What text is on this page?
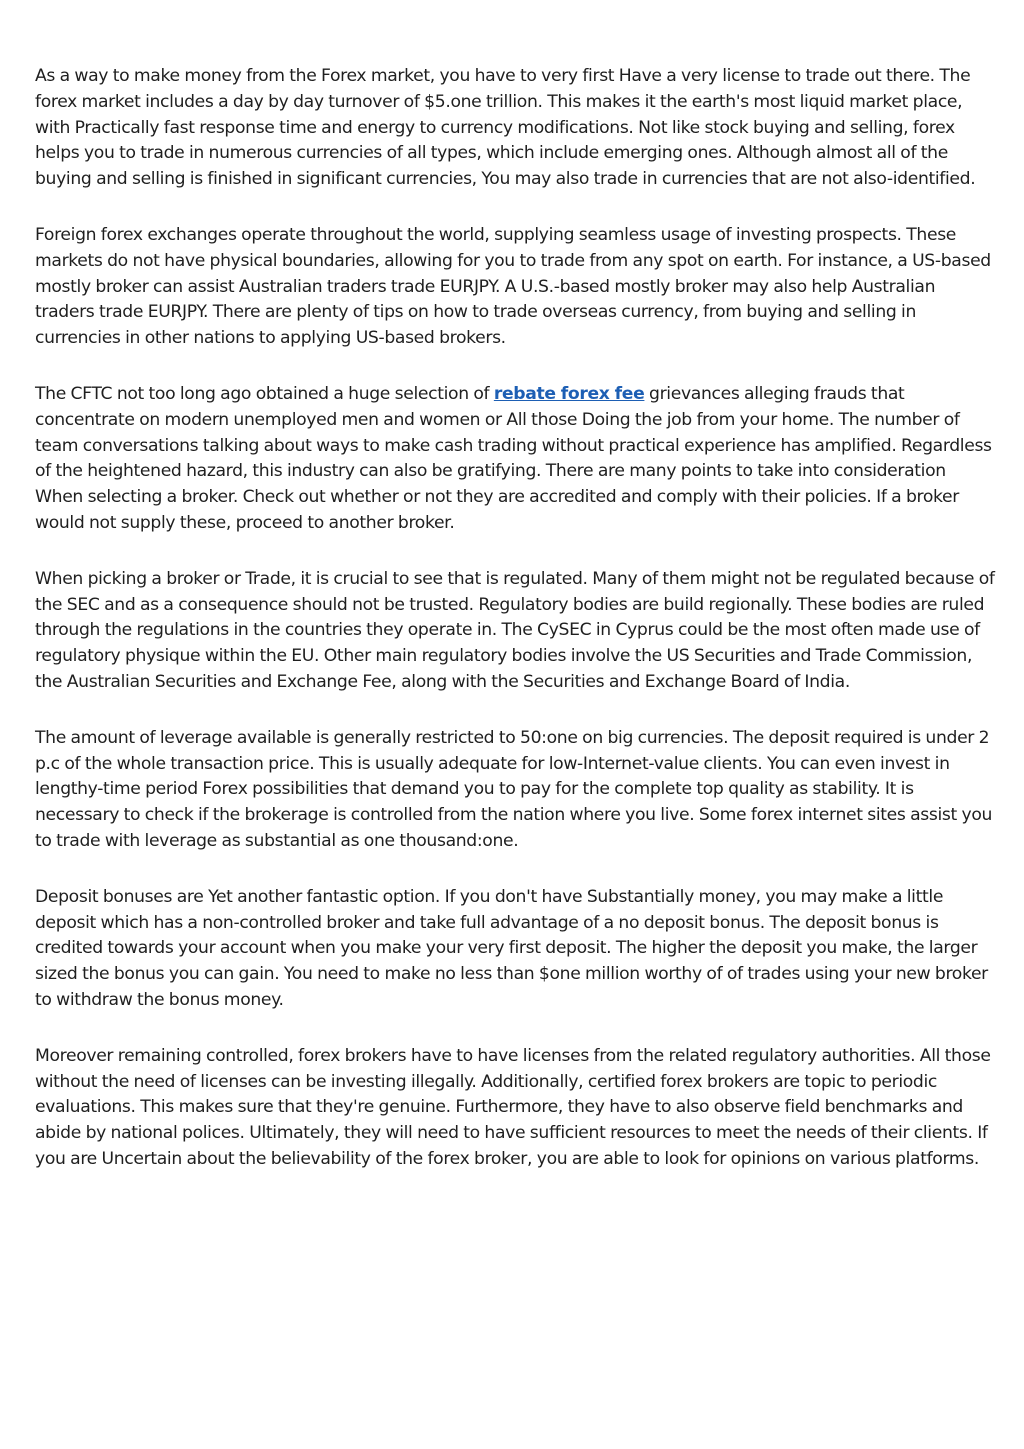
As a way to make money from the Forex market, you have to very first Have a very license to trade out there. The forex market includes a day by day turnover of $5.one trillion. This makes it the earth's most liquid market place, with Practically fast response time and energy to currency modifications. Not like stock buying and selling, forex helps you to trade in numerous currencies of all types, which include emerging ones. Although almost all of the buying and selling is finished in significant currencies, You may also trade in currencies that are not also-identified.

Foreign forex exchanges operate throughout the world, supplying seamless usage of investing prospects. These markets do not have physical boundaries, allowing for you to trade from any spot on earth. For instance, a US-based mostly broker can assist Australian traders trade EURJPY. A U.S.-based mostly broker may also help Australian traders trade EURJPY. There are plenty of tips on how to trade overseas currency, from buying and selling in currencies in other nations to applying US-based brokers.

The CFTC not too long ago obtained a huge selection of rebate forex fee grievances alleging frauds that concentrate on modern unemployed men and women or All those Doing the job from your home. The number of team conversations talking about ways to make cash trading without practical experience has amplified. Regardless of the heightened hazard, this industry can also be gratifying. There are many points to take into consideration When selecting a broker. Check out whether or not they are accredited and comply with their policies. If a broker would not supply these, proceed to another broker.

When picking a broker or Trade, it is crucial to see that is regulated. Many of them might not be regulated because of the SEC and as a consequence should not be trusted. Regulatory bodies are build regionally. These bodies are ruled through the regulations in the countries they operate in. The CySEC in Cyprus could be the most often made use of regulatory physique within the EU. Other main regulatory bodies involve the US Securities and Trade Commission, the Australian Securities and Exchange Fee, along with the Securities and Exchange Board of India.

The amount of leverage available is generally restricted to 50:one on big currencies. The deposit required is under 2 p.c of the whole transaction price. This is usually adequate for low-Internet-value clients. You can even invest in lengthy-time period Forex possibilities that demand you to pay for the complete top quality as stability. It is necessary to check if the brokerage is controlled from the nation where you live. Some forex internet sites assist you to trade with leverage as substantial as one thousand:one.

Deposit bonuses are Yet another fantastic option. If you don't have Substantially money, you may make a little deposit which has a non-controlled broker and take full advantage of a no deposit bonus. The deposit bonus is credited towards your account when you make your very first deposit. The higher the deposit you make, the larger sized the bonus you can gain. You need to make no less than $one million worthy of of trades using your new broker to withdraw the bonus money.

Moreover remaining controlled, forex brokers have to have licenses from the related regulatory authorities. All those without the need of licenses can be investing illegally. Additionally, certified forex brokers are topic to periodic evaluations. This makes sure that they're genuine. Furthermore, they have to also observe field benchmarks and abide by national polices. Ultimately, they will need to have sufficient resources to meet the needs of their clients. If you are Uncertain about the believability of the forex broker, you are able to look for opinions on various platforms.
